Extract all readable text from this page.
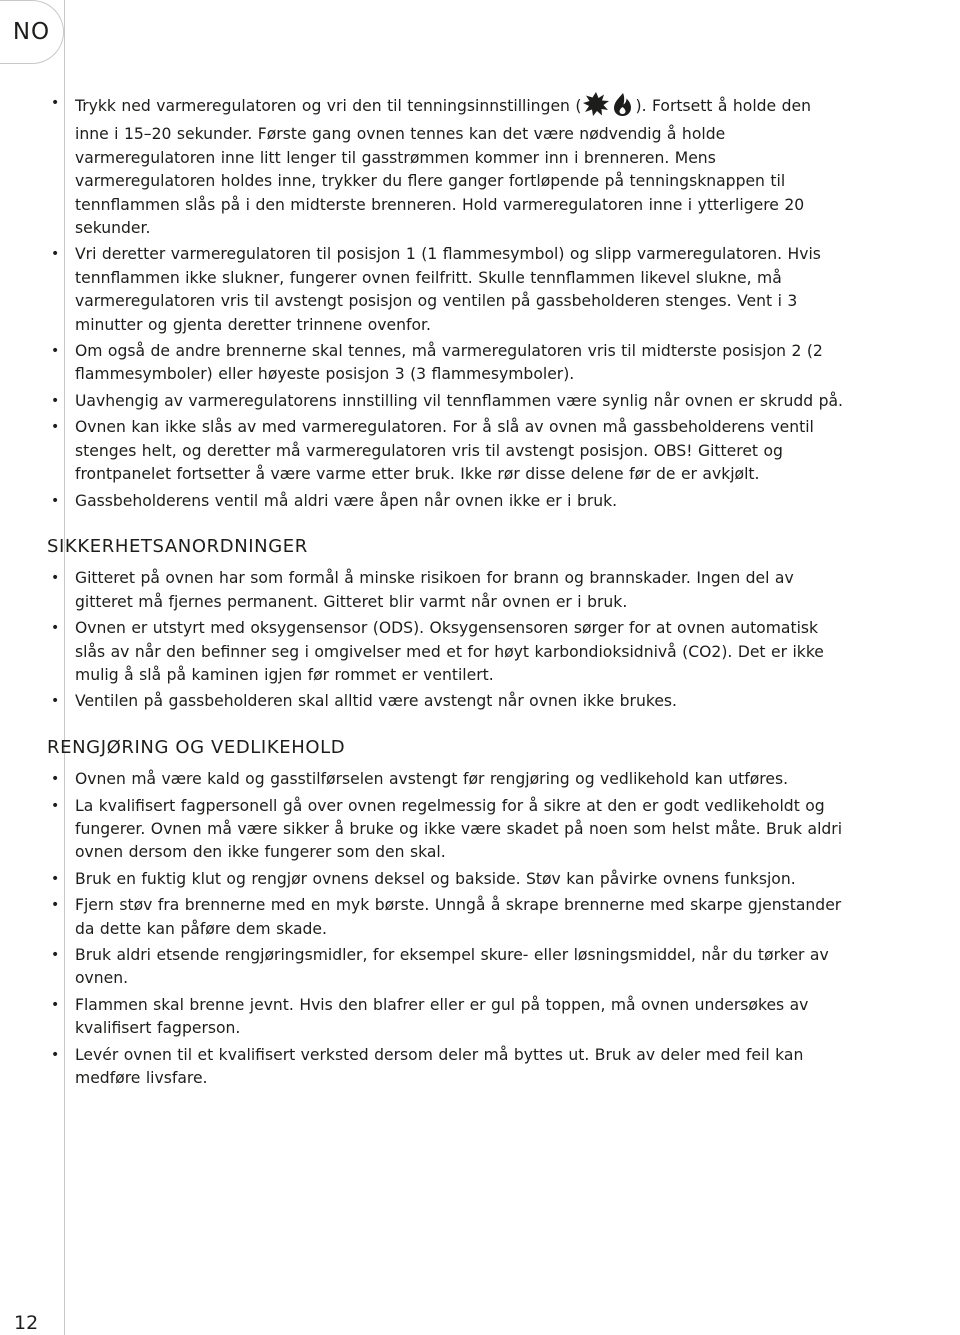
NO
• Trykk ned varmeregulatoren og vri den til tenningsinnstillingen (	). Fortsett å holde den inne i 15–20 sekunder. Første gang ovnen tennes kan det være nødvendig å holde varmeregulatoren inne litt lenger til gasstrømmen kommer inn i brenneren. Mens varmeregulatoren holdes inne, trykker du flere ganger fortløpende på tenningsknappen til tennflammen slås på i den midterste brenneren. Hold varmeregulatoren inne i ytterligere 20 sekunder.
• Vri deretter varmeregulatoren til posisjon 1 (1 flammesymbol) og slipp varmeregulatoren. Hvis tennflammen ikke slukner, fungerer ovnen feilfritt. Skulle tennflammen likevel slukne, må varmeregulatoren vris til avstengt posisjon og ventilen på gassbeholderen stenges. Vent i 3 minutter og gjenta deretter trinnene ovenfor.
• Om også de andre brennerne skal tennes, må varmeregulatoren vris til midterste posisjon 2 (2 flammesymboler) eller høyeste posisjon 3 (3 flammesymboler).
• Uavhengig av varmeregulatorens innstilling vil tennflammen være synlig når ovnen er skrudd på.
• Ovnen kan ikke slås av med varmeregulatoren. For å slå av ovnen må gassbeholderens ventil stenges helt, og deretter må varmeregulatoren vris til avstengt posisjon. OBS! Gitteret og frontpanelet fortsetter å være varme etter bruk. Ikke rør disse delene før de er avkjølt.
• Gassbeholderens ventil må aldri være åpen når ovnen ikke er i bruk.
SIKKERHETSANORDNINGER
• Gitteret på ovnen har som formål å minske risikoen for brann og brannskader. Ingen del av gitteret må fjernes permanent. Gitteret blir varmt når ovnen er i bruk.
• Ovnen er utstyrt med oksygensensor (ODS). Oksygensensoren sørger for at ovnen automatisk slås av når den befinner seg i omgivelser med et for høyt karbondioksidnivå (CO2). Det er ikke mulig å slå på kaminen igjen før rommet er ventilert.
• Ventilen på gassbeholderen skal alltid være avstengt når ovnen ikke brukes.
RENGJØRING OG VEDLIKEHOLD
• Ovnen må være kald og gasstilførselen avstengt før rengjøring og vedlikehold kan utføres.
• La kvalifisert fagpersonell gå over ovnen regelmessig for å sikre at den er godt vedlikeholdt og fungerer. Ovnen må være sikker å bruke og ikke være skadet på noen som helst måte. Bruk aldri ovnen dersom den ikke fungerer som den skal.
• Bruk en fuktig klut og rengjør ovnens deksel og bakside. Støv kan påvirke ovnens funksjon.
• Fjern støv fra brennerne med en myk børste. Unngå å skrape brennerne med skarpe gjenstander da dette kan påføre dem skade.
• Bruk aldri etsende rengjøringsmidler, for eksempel skure- eller løsningsmiddel, når du tørker av ovnen.
• Flammen skal brenne jevnt. Hvis den blafrer eller er gul på toppen, må ovnen undersøkes av kvalifisert fagperson.
• Levér ovnen til et kvalifisert verksted dersom deler må byttes ut. Bruk av deler med feil kan medføre livsfare.
12
